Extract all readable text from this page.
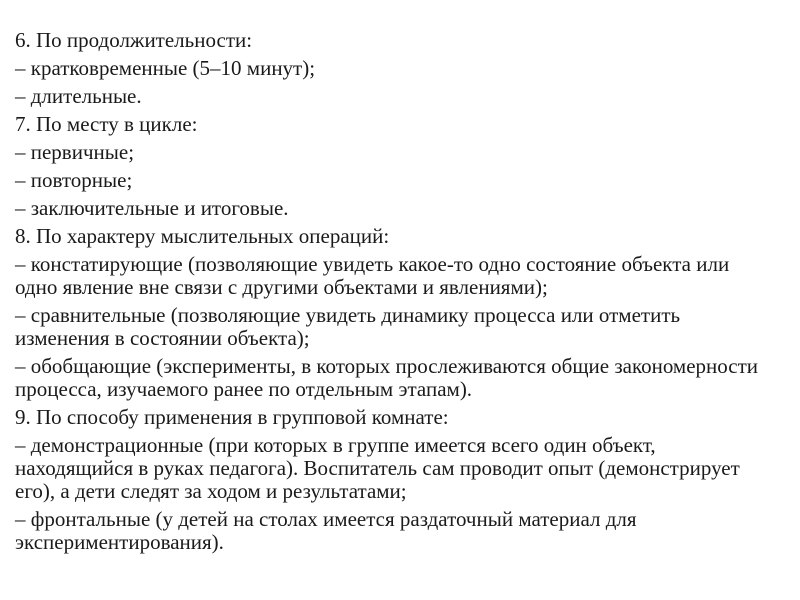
6. По продолжительности:
– кратковременные (5–10 минут);
– длительные.
7. По месту в цикле:
– первичные;
– повторные;
– заключительные и итоговые.
8. По характеру мыслительных операций:
– констатирующие (позволяющие увидеть какое-то одно состояние объекта или одно явление вне связи с другими объектами и явлениями);
– сравнительные (позволяющие увидеть динамику процесса или отметить изменения в состоянии объекта);
– обобщающие (эксперименты, в которых прослеживаются общие закономерности процесса, изучаемого ранее по отдельным этапам).
9. По способу применения в групповой комнате:
– демонстрационные (при которых в группе имеется всего один объект, находящийся в руках педагога). Воспитатель сам проводит опыт (демонстрирует его), а дети следят за ходом и результатами;
– фронтальные (у детей на столах имеется раздаточный материал для экспериментирования).
